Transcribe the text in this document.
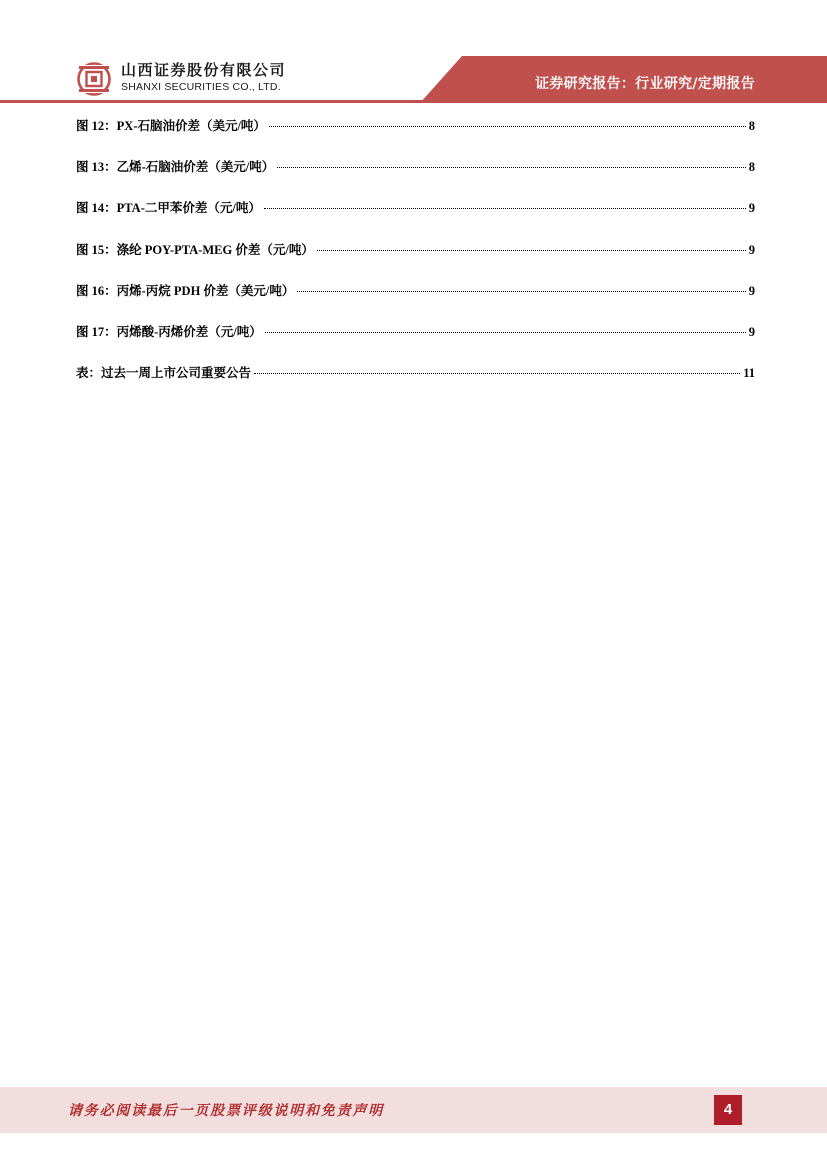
山西证券股份有限公司
SHANXI SECURITIES CO., LTD.	证券研究报告：行业研究/定期报告
图 12：PX-石脑油价差（美元/吨）	8
图 13：乙烯-石脑油价差（美元/吨）	8
图 14：PTA-二甲苯价差（元/吨）	9
图 15：涤纶 POY-PTA-MEG 价差（元/吨）	9
图 16：丙烯-丙烷 PDH 价差（美元/吨）	9
图 17：丙烯酸-丙烯价差（元/吨）	9
表：过去一周上市公司重要公告	11
请务必阅读最后一页股票评级说明和免责声明	4
